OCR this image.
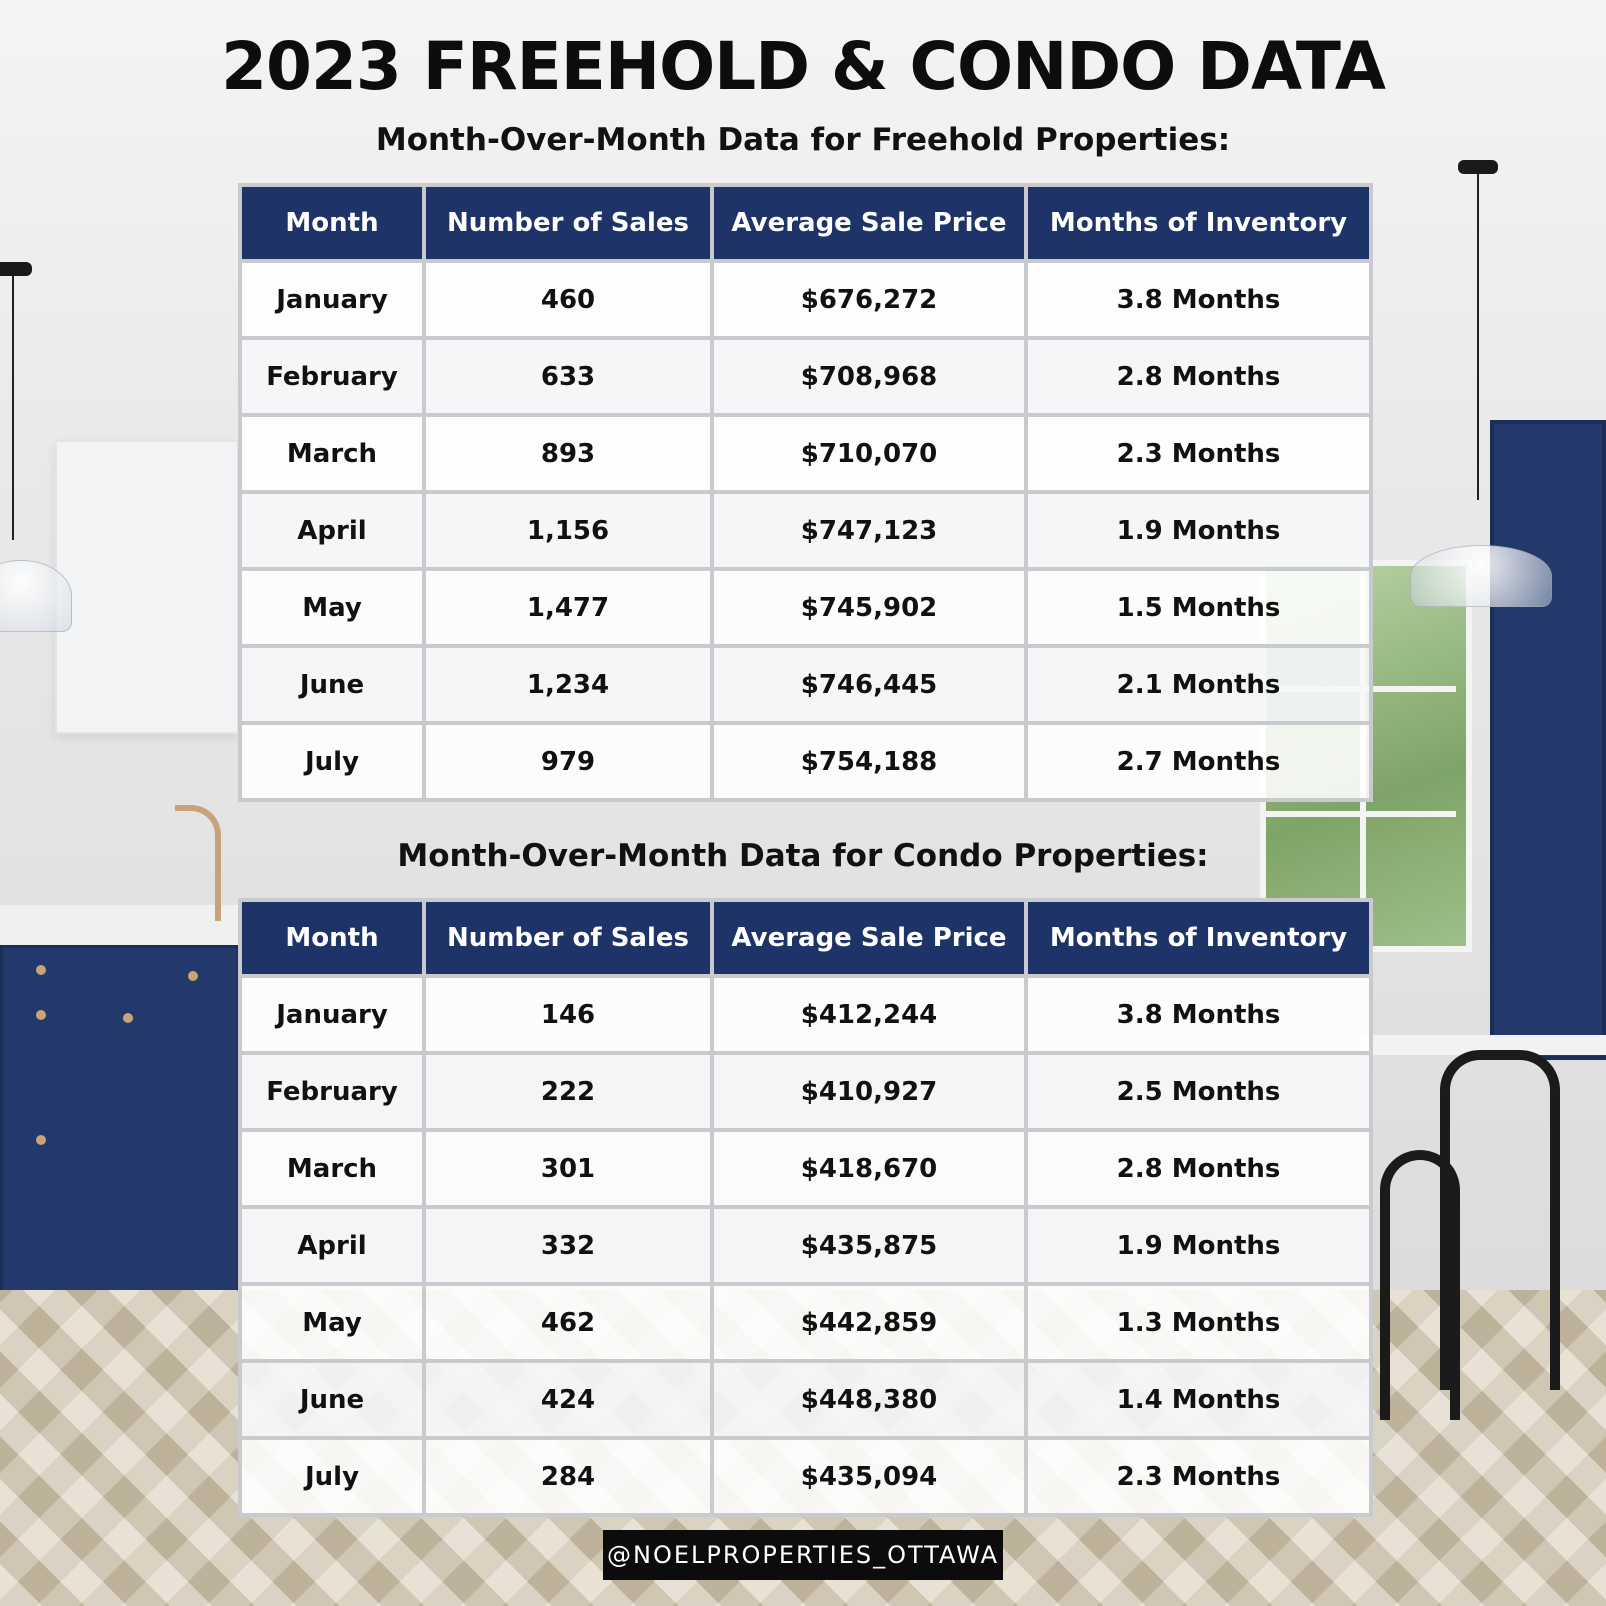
2023 FREEHOLD & CONDO DATA
Month-Over-Month Data for Freehold Properties:
Month	Number of Sales	Average Sale Price	Months of Inventory
January	460	$676,272	3.8 Months
February	633	$708,968	2.8 Months
March	893	$710,070	2.3 Months
April	1,156	$747,123	1.9 Months
May	1,477	$745,902	1.5 Months
June	1,234	$746,445	2.1 Months
July	979	$754,188	2.7 Months
Month-Over-Month Data for Condo Properties:
Month	Number of Sales	Average Sale Price	Months of Inventory
January	146	$412,244	3.8 Months
February	222	$410,927	2.5 Months
March	301	$418,670	2.8 Months
April	332	$435,875	1.9 Months
May	462	$442,859	1.3 Months
June	424	$448,380	1.4 Months
July	284	$435,094	2.3 Months
@NOELPROPERTIES_OTTAWA
